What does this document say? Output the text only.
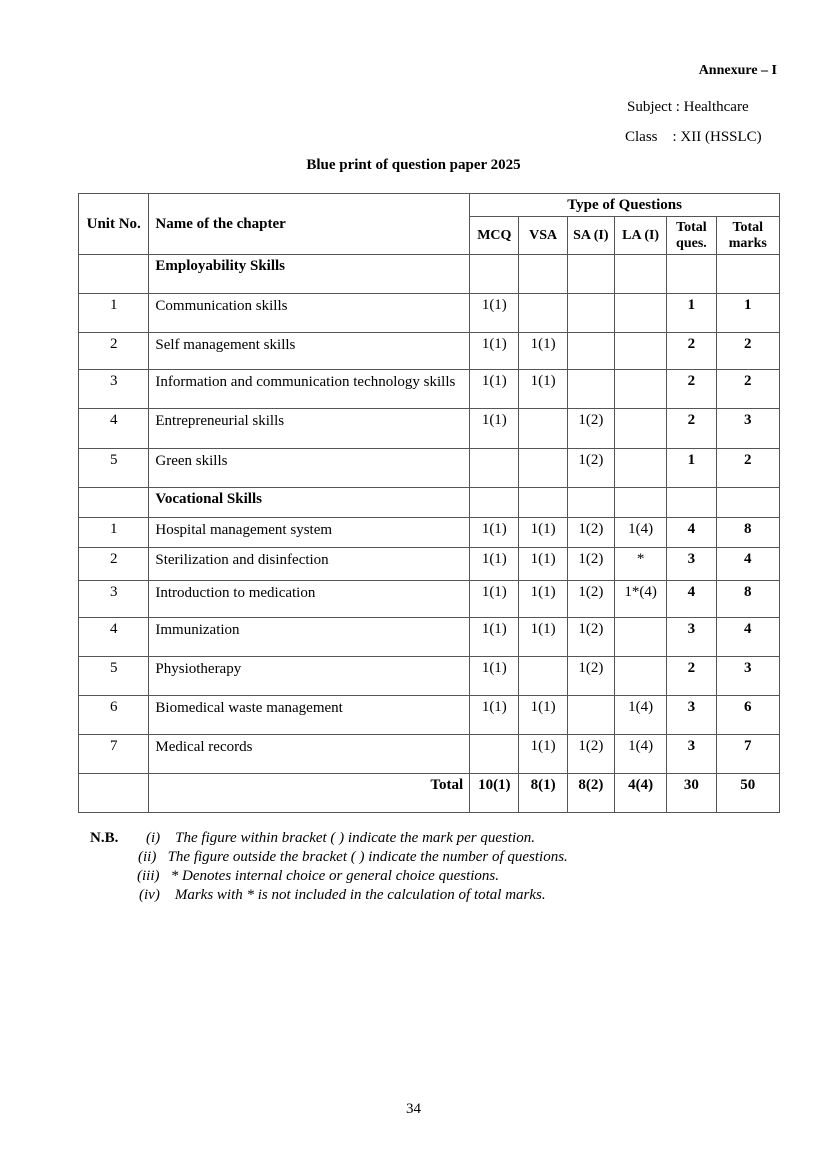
Annexure – I
Subject : Healthcare
Class    : XII (HSSLC)
Blue print of question paper 2025
Unit No.	Name of the chapter	Type of Questions					
		MCQ	VSA	SA (I)	LA (I)	Total ques.	Total marks
	Employability Skills						
1	Communication skills	1(1)				1	1
2	Self management skills	1(1)	1(1)			2	2
3	Information and communication technology skills	1(1)	1(1)			2	2
4	Entrepreneurial skills	1(1)		1(2)		2	3
5	Green skills			1(2)		1	2
	Vocational Skills						
1	Hospital management system	1(1)	1(1)	1(2)	1(4)	4	8
2	Sterilization and disinfection	1(1)	1(1)	1(2)	*	3	4
3	Introduction to medication	1(1)	1(1)	1(2)	1*(4)	4	8
4	Immunization	1(1)	1(1)	1(2)		3	4
5	Physiotherapy	1(1)		1(2)		2	3
6	Biomedical waste management	1(1)	1(1)		1(4)	3	6
7	Medical records		1(1)	1(2)	1(4)	3	7
	Total	10(1)	8(1)	8(2)	4(4)	30	50
N.B. (i) The figure within bracket ( ) indicate the mark per question.
(ii) The figure outside the bracket ( ) indicate the number of questions.
(iii) * Denotes internal choice or general choice questions.
(iv) Marks with * is not included in the calculation of total marks.
34
